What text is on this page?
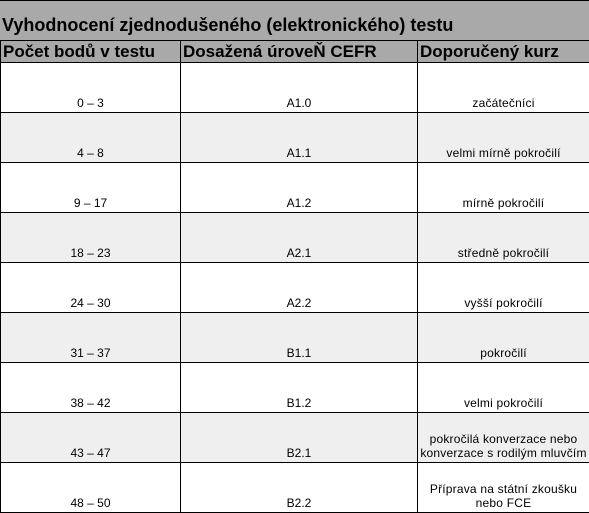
Vyhodnocení zjednodušeného (elektronického) testu
Počet bodů v testu	Dosažená úroveŇ CEFR	Doporučený kurz
0 – 3	A1.0	začátečníci
4 – 8	A1.1	velmi mírně pokročilí
9 – 17	A1.2	mírně pokročilí
18 – 23	A2.1	středně pokročilí
24 – 30	A2.2	vyšší pokročilí
31 – 37	B1.1	pokročilí
38 – 42	B1.2	velmi pokročilí
43 – 47	B2.1	pokročilá konverzace nebo konverzace s rodilým mluvčím
48 – 50	B2.2	Příprava na státní zkoušku nebo FCE
